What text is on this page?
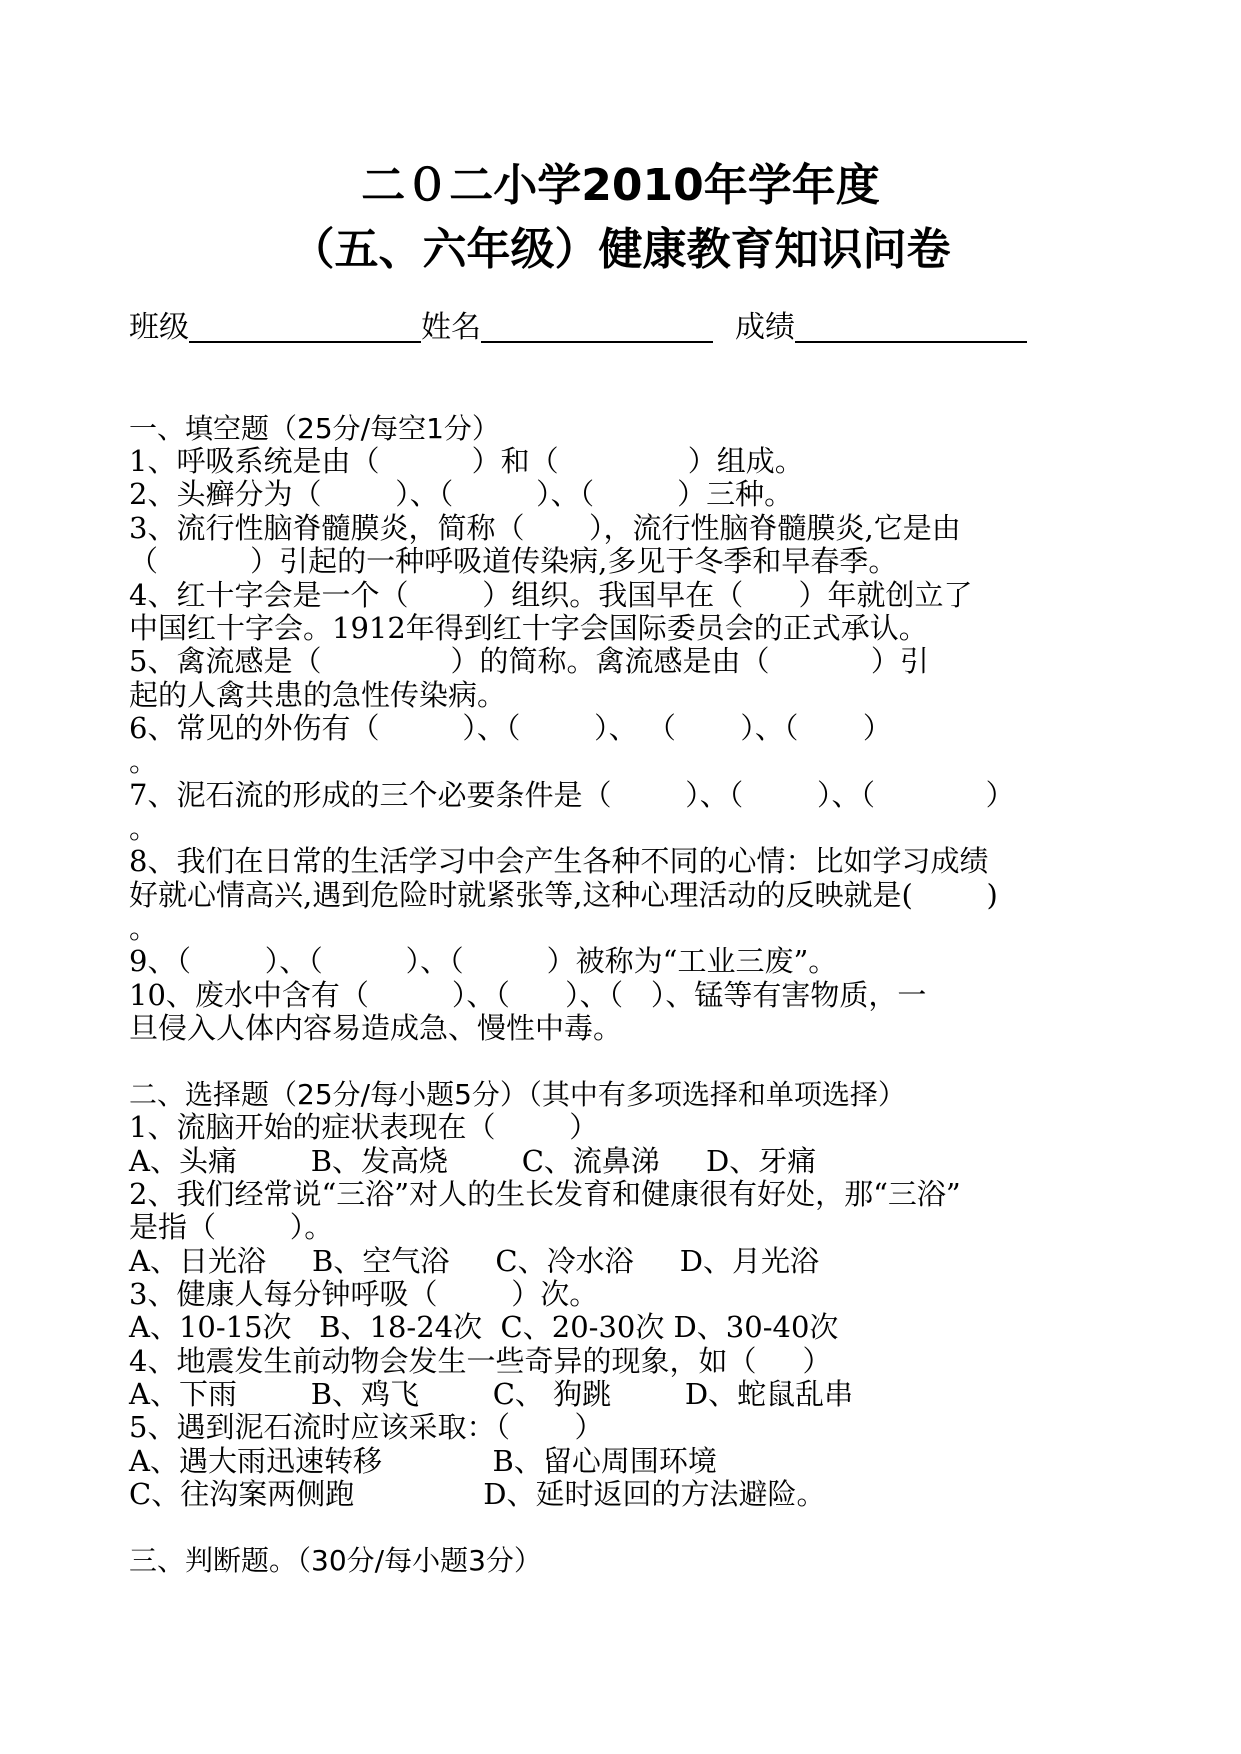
二０二小学2010年学年度
（五、六年级）健康教育知识问卷
班级	姓名	成绩
一、填空题（25分/每空1分）
1、呼吸系统是由（          ）和（              ）组成。
2、头癣分为（        ）、（         ）、（         ）三种。
3、流行性脑脊髓膜炎，简称（       ），流行性脑脊髓膜炎,它是由
（          ）引起的一种呼吸道传染病,多见于冬季和早春季。
4、红十字会是一个（        ）组织。我国早在（      ）年就创立了
中国红十字会。1912年得到红十字会国际委员会的正式承认。
5、禽流感是（              ）的简称。禽流感是由（           ）引
起的人禽共患的急性传染病。
6、常见的外伤有（         ）、（        ）、 （       ）、（       ）
。
7、泥石流的形成的三个必要条件是（        ）、（        ）、（            ）
。
8、我们在日常的生活学习中会产生各种不同的心情：比如学习成绩
好就心情高兴,遇到危险时就紧张等,这种心理活动的反映就是(        )
。
9、（        ）、（         ）、（         ）被称为“工业三废”。
10、废水中含有（         ）、（      ）、（   ）、锰等有害物质，一
旦侵入人体内容易造成急、慢性中毒。
二、选择题（25分/每小题5分）（其中有多项选择和单项选择）
1、流脑开始的症状表现在（        ）
A、头痛        B、发高烧        C、流鼻涕     D、牙痛
2、我们经常说“三浴”对人的生长发育和健康很有好处，那“三浴”
是指（        ）。
A、日光浴     B、空气浴     C、冷水浴     D、月光浴
3、健康人每分钟呼吸（        ）次。
A、10-15次   B、18-24次  C、20-30次 D、30-40次
4、地震发生前动物会发生一些奇异的现象，如（     ）
A、下雨        B、鸡飞        C、 狗跳        D、蛇鼠乱串
5、遇到泥石流时应该采取：（       ）
A、遇大雨迅速转移            B、留心周围环境
C、往沟案两侧跑              D、延时返回的方法避险。
三、判断题。（30分/每小题3分）
